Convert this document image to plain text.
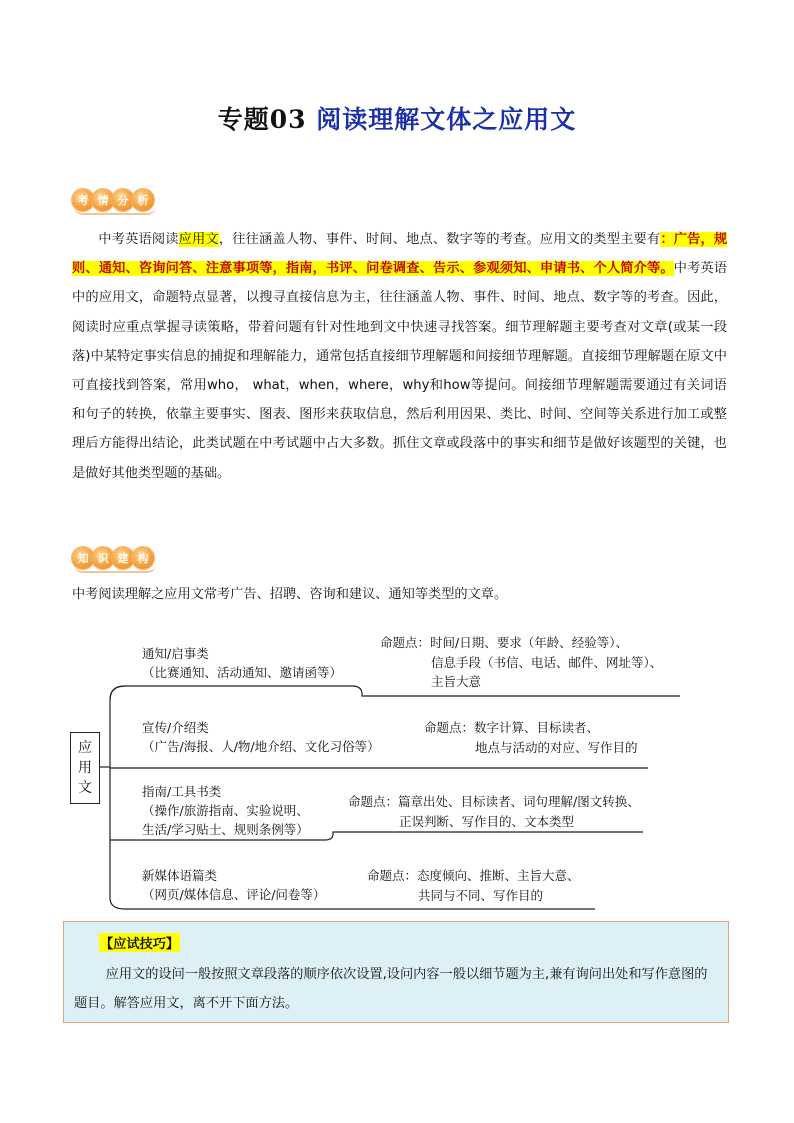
专题03 阅读理解文体之应用文
考 情 分 析

中考英语阅读应用文，往往涵盖人物、事件、时间、地点、数字等的考查。应用文的类型主要有：广告，规则、通知、咨询问答、注意事项等，指南，书评、问卷调查、告示、参观须知、申请书、个人简介等。中考英语中的应用文，命题特点显著，以搜寻直接信息为主，往往涵盖人物、事件、时间、地点、数字等的考查。因此，阅读时应重点掌握寻读策略，带着问题有针对性地到文中快速寻找答案。细节理解题主要考查对文章(或某一段落)中某特定事实信息的捕捉和理解能力，通常包括直接细节理解题和间接细节理解题。直接细节理解题在原文中可直接找到答案，常用who， what，when，where，why和how等提问。间接细节理解题需要通过有关词语和句子的转换，依靠主要事实、图表、图形来获取信息，然后利用因果、类比、时间、空间等关系进行加工或整理后方能得出结论，此类试题在中考试题中占大多数。抓住文章或段落中的事实和细节是做好该题型的关键，也是做好其他类型题的基础。

知 识 建 构
中考阅读理解之应用文常考广告、招聘、咨询和建议、通知等类型的文章。
应
用
文
通知/启事类
（比赛通知、活动通知、邀请函等）
命题点：时间/日期、要求（年龄、经验等）、
信息手段（书信、电话、邮件、网址等）、
主旨大意
宣传/介绍类
（广告/海报、人/物/地介绍、文化习俗等）
命题点：数字计算、目标读者、
地点与活动的对应、写作目的
指南/工具书类
（操作/旅游指南、实验说明、
生活/学习贴士、规则条例等）
命题点：篇章出处、目标读者、词句理解/图文转换、
正误判断、写作目的、文本类型
新媒体语篇类
（网页/媒体信息、评论/问卷等）
命题点：态度倾向、推断、主旨大意、
共同与不同、写作目的
【应试技巧】

应用文的设问一般按照文章段落的顺序依次设置,设问内容一般以细节题为主,兼有询问出处和写作意图的题目。解答应用文，离不开下面方法。
